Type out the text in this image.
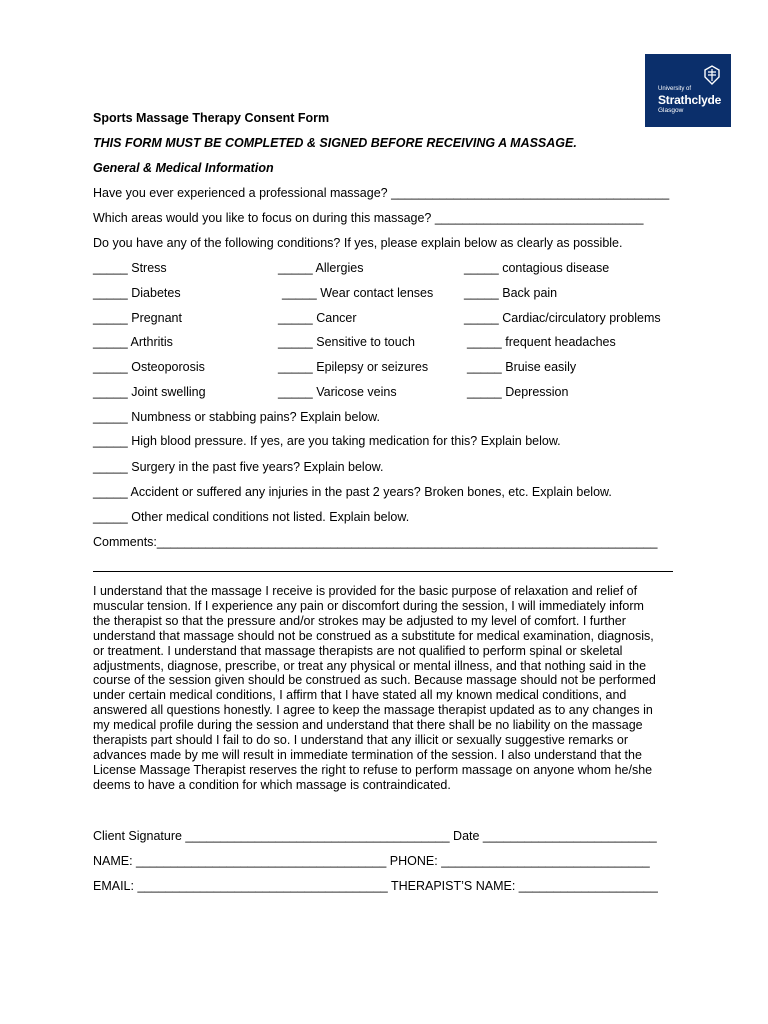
University of
Strathclyde
Glasgow
Sports Massage Therapy Consent Form
THIS FORM MUST BE COMPLETED & SIGNED BEFORE RECEIVING A MASSAGE.
General & Medical Information
Have you ever experienced a professional massage? ________________________________________
Which areas would you like to focus on during this massage? ______________________________
Do you have any of the following conditions? If yes, please explain below as clearly as possible.
_____ Stress	_____ Allergies	_____ contagious disease
_____ Diabetes	_____ Wear contact lenses _____ Back pain
_____ Pregnant	_____ Cancer	_____ Cardiac/circulatory problems
_____ Arthritis	_____ Sensitive to touch	_____ frequent headaches
_____ Osteoporosis	_____ Epilepsy or seizures	_____ Bruise easily
_____ Joint swelling	_____ Varicose veins	_____ Depression
_____ Numbness or stabbing pains? Explain below.
_____ High blood pressure. If yes, are you taking medication for this? Explain below.
_____ Surgery in the past five years? Explain below.
_____ Accident or suffered any injuries in the past 2 years? Broken bones, etc. Explain below.
_____ Other medical conditions not listed. Explain below.
Comments:________________________________________________________________________
I understand that the massage I receive is provided for the basic purpose of relaxation and relief of
muscular tension. If I experience any pain or discomfort during the session, I will immediately inform
the therapist so that the pressure and/or strokes may be adjusted to my level of comfort. I further
understand that massage should not be construed as a substitute for medical examination, diagnosis,
or treatment. I understand that massage therapists are not qualified to perform spinal or skeletal
adjustments, diagnose, prescribe, or treat any physical or mental illness, and that nothing said in the
course of the session given should be construed as such. Because massage should not be performed
under certain medical conditions, I affirm that I have stated all my known medical conditions, and
answered all questions honestly. I agree to keep the massage therapist updated as to any changes in
my medical profile during the session and understand that there shall be no liability on the massage
therapists part should I fail to do so. I understand that any illicit or sexually suggestive remarks or
advances made by me will result in immediate termination of the session. I also understand that the
License Massage Therapist reserves the right to refuse to perform massage on anyone whom he/she
deems to have a condition for which massage is contraindicated.
Client Signature ______________________________________ Date _________________________
NAME: ____________________________________ PHONE: ______________________________
EMAIL: ____________________________________ THERAPIST’S NAME: ____________________
